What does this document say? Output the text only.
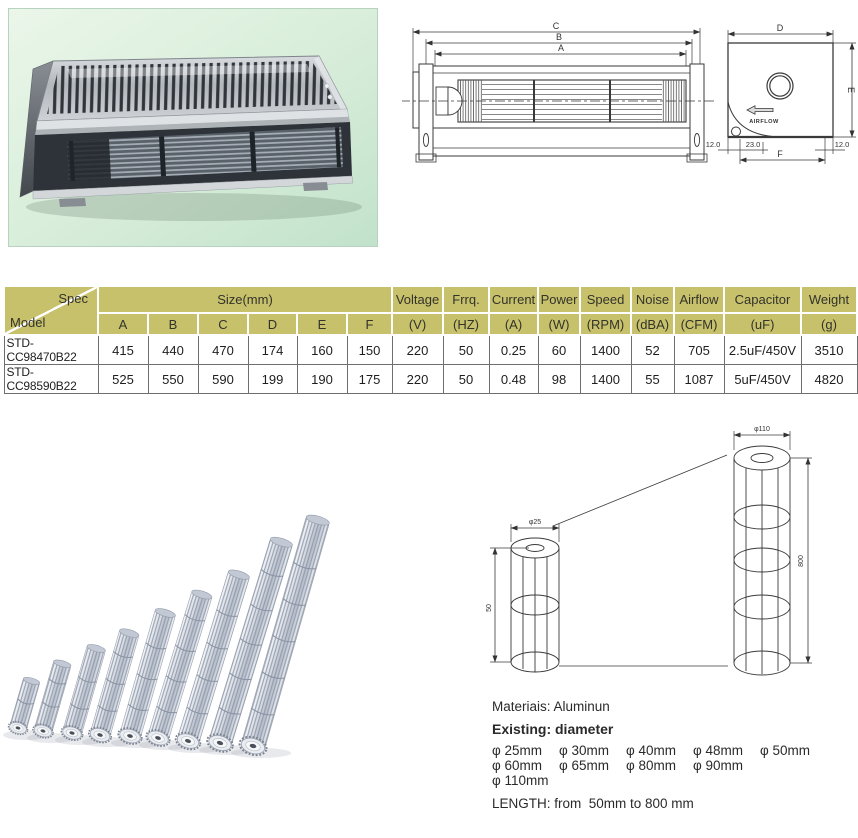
C
B
A
AIRFLOW
D
E
12.0	23.0	12.0
F
Spec
Model	Size(mm)						Voltage	Frrq.	Current	Power	Speed	Noise	Airflow	Capacitor	Weight
	A	B	C	D	E	F	(V)	(HZ)	(A)	(W)	(RPM)	(dBA)	(CFM)	(uF)	(g)
STD-CC98470B22	415	440	470	174	160	150	220	50	0.25	60	1400	52	705	2.5uF/450V	3510
STD-CC98590B22	525	550	590	199	190	175	220	50	0.48	98	1400	55	1087	5uF/450V	4820
φ25
50
φ110
800

Materiais: Aluminun

Existing: diameter

φ 25mm	φ 30mm	φ 40mm	φ 48mm	φ 50mm
φ 60mm	φ 65mm	φ 80mm	φ 90mm
φ 110mm

LENGTH: from  50mm to 800 mm
